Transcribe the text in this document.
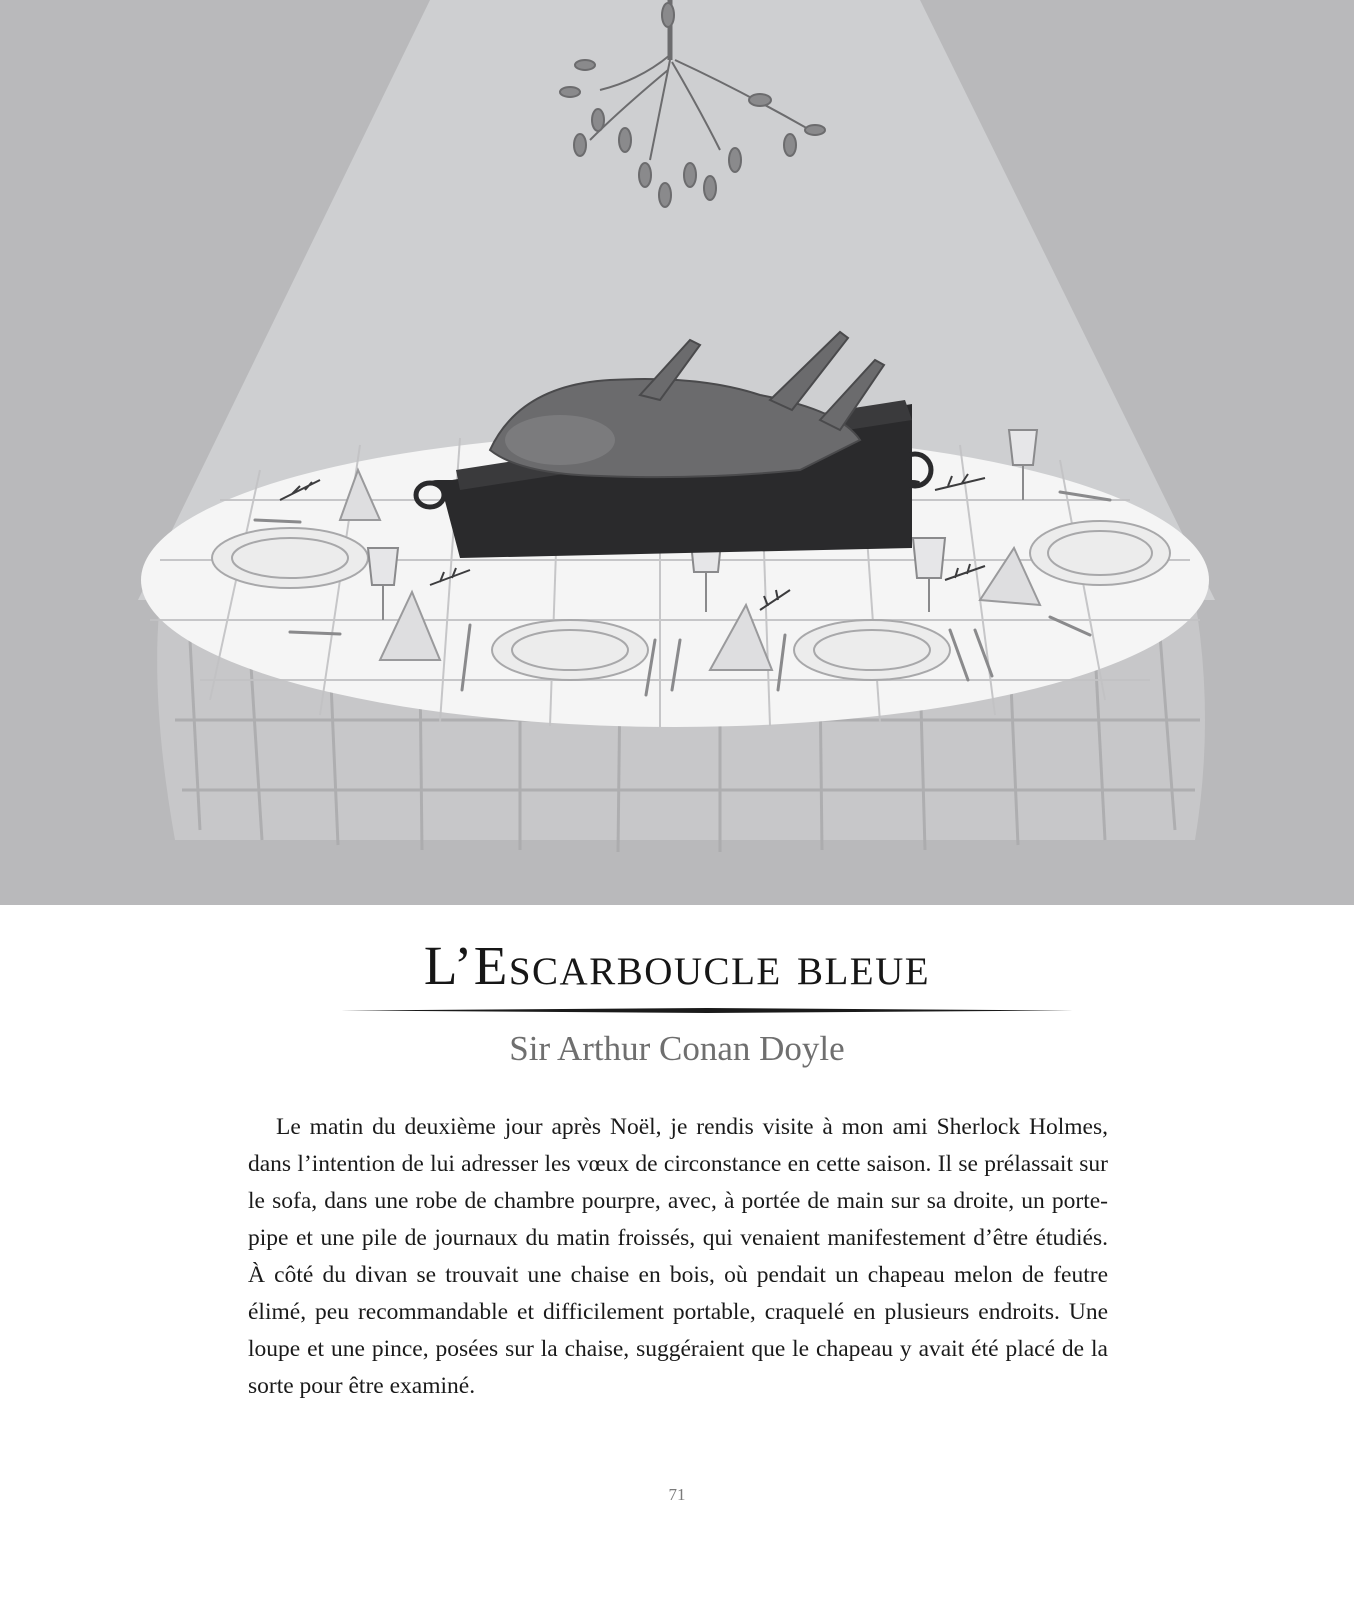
L’Escarboucle bleue
Sir Arthur Conan Doyle

Le matin du deuxième jour après Noël, je rendis visite à mon ami Sherlock Holmes, dans l’intention de lui adresser les vœux de circonstance en cette saison. Il se prélassait sur le sofa, dans une robe de chambre pourpre, avec, à portée de main sur sa droite, un porte-pipe et une pile de journaux du matin froissés, qui venaient manifestement d’être étudiés. À côté du divan se trouvait une chaise en bois, où pendait un chapeau melon de feutre élimé, peu recommandable et difficilement portable, craquelé en plusieurs endroits. Une loupe et une pince, posées sur la chaise, suggéraient que le chapeau y avait été placé de la sorte pour être examiné.

71
